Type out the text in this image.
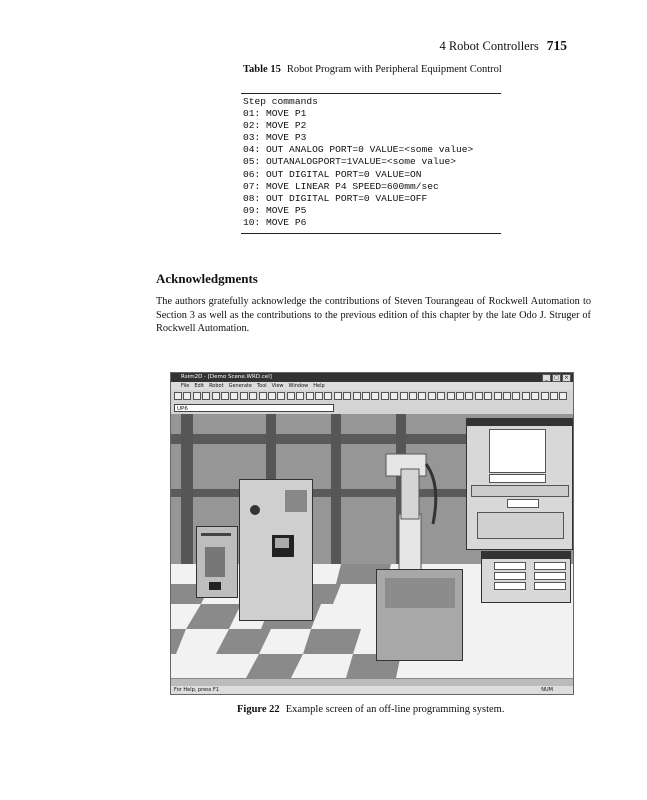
4 Robot Controllers 715
Table 15 Robot Program with Peripheral Equipment Control
Step commands
01: MOVE P1
02: MOVE P2
03: MOVE P3
04: OUT ANALOG PORT=0 VALUE=<some value>
05: OUTANALOGPORT=1VALUE=<some value>
06: OUT DIGITAL PORT=0 VALUE=ON
07: MOVE LINEAR P4 SPEED=600mm/sec
08: OUT DIGITAL PORT=0 VALUE=OFF
09: MOVE P5
10: MOVE P6
Acknowledgments
The authors gratefully acknowledge the contributions of Steven Tourangeau of Rockwell Automation to Section 3 as well as the contributions to the previous edition of this chapter by the late Odo J. Struger of Rockwell Automation.
Rsim2D - [Demo Scene.WRD.cel]	_	□	×
File Edit Robot Generate Tool View Window Help
UP6
For Help, press F1	NUM
Figure 22 Example screen of an off-line programming system.
